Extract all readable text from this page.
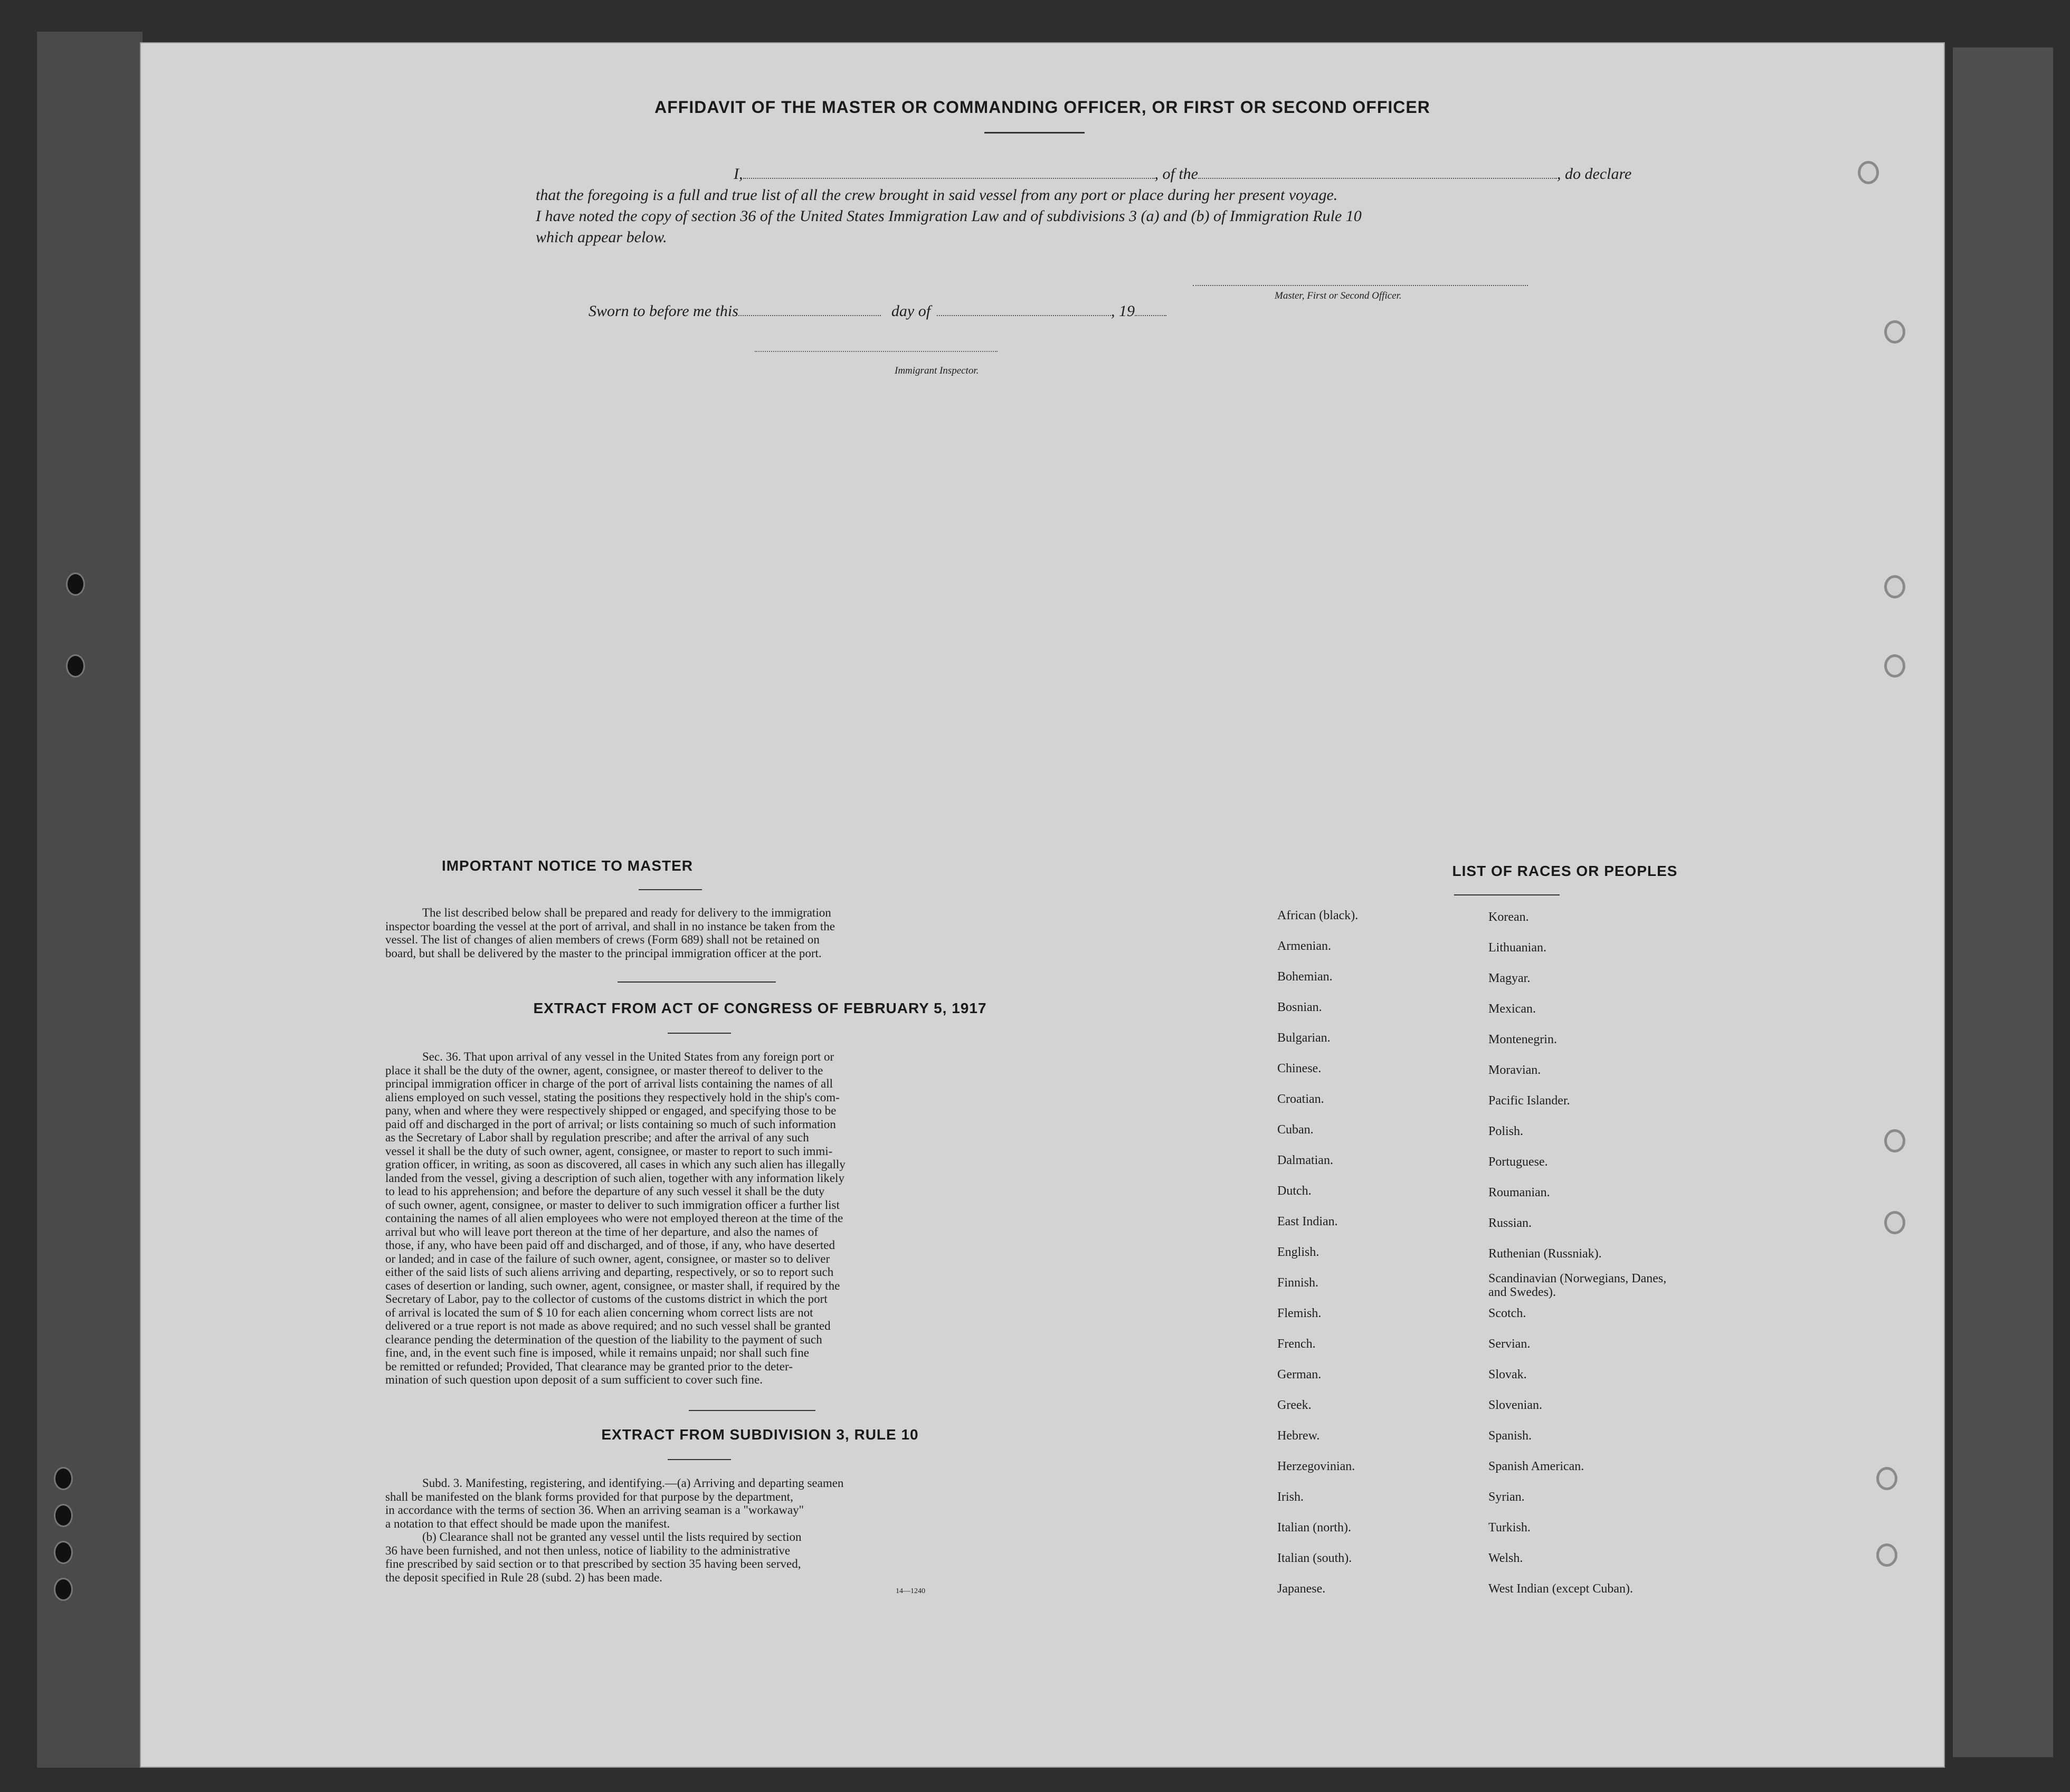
AFFIDAVIT OF THE MASTER OR COMMANDING OFFICER, OR FIRST OR SECOND OFFICER
I,	, of the	, do declare
that the foregoing is a full and true list of all the crew brought in said vessel from any port or place during her present voyage.
I have noted the copy of section 36 of the United States Immigration Law and of subdivisions 3 (a) and (b) of Immigration Rule 10
which appear below.
Master, First or Second Officer.
Sworn to before me this	day of	, 19
Immigrant Inspector.
IMPORTANT NOTICE TO MASTER
The list described below shall be prepared and ready for delivery to the immigration
inspector boarding the vessel at the port of arrival, and shall in no instance be taken from the
vessel. The list of changes of alien members of crews (Form 689) shall not be retained on
board, but shall be delivered by the master to the principal immigration officer at the port.
EXTRACT FROM ACT OF CONGRESS OF FEBRUARY 5, 1917
Sec. 36. That upon arrival of any vessel in the United States from any foreign port or
place it shall be the duty of the owner, agent, consignee, or master thereof to deliver to the
principal immigration officer in charge of the port of arrival lists containing the names of all
aliens employed on such vessel, stating the positions they respectively hold in the ship's com-
pany, when and where they were respectively shipped or engaged, and specifying those to be
paid off and discharged in the port of arrival; or lists containing so much of such information
as the Secretary of Labor shall by regulation prescribe; and after the arrival of any such
vessel it shall be the duty of such owner, agent, consignee, or master to report to such immi-
gration officer, in writing, as soon as discovered, all cases in which any such alien has illegally
landed from the vessel, giving a description of such alien, together with any information likely
to lead to his apprehension; and before the departure of any such vessel it shall be the duty
of such owner, agent, consignee, or master to deliver to such immigration officer a further list
containing the names of all alien employees who were not employed thereon at the time of the
arrival but who will leave port thereon at the time of her departure, and also the names of
those, if any, who have been paid off and discharged, and of those, if any, who have deserted
or landed; and in case of the failure of such owner, agent, consignee, or master so to deliver
either of the said lists of such aliens arriving and departing, respectively, or so to report such
cases of desertion or landing, such owner, agent, consignee, or master shall, if required by the
Secretary of Labor, pay to the collector of customs of the customs district in which the port
of arrival is located the sum of $ 10 for each alien concerning whom correct lists are not
delivered or a true report is not made as above required; and no such vessel shall be granted
clearance pending the determination of the question of the liability to the payment of such
fine, and, in the event such fine is imposed, while it remains unpaid; nor shall such fine
be remitted or refunded; Provided, That clearance may be granted prior to the deter-
mination of such question upon deposit of a sum sufficient to cover such fine.
EXTRACT FROM SUBDIVISION 3, RULE 10
Subd. 3. Manifesting, registering, and identifying.—(a) Arriving and departing seamen
shall be manifested on the blank forms provided for that purpose by the department,
in accordance with the terms of section 36. When an arriving seaman is a "workaway"
a notation to that effect should be made upon the manifest.
(b) Clearance shall not be granted any vessel until the lists required by section
36 have been furnished, and not then unless, notice of liability to the administrative
fine prescribed by said section or to that prescribed by section 35 having been served,
the deposit specified in Rule 28 (subd. 2) has been made.
14—1240
LIST OF RACES OR PEOPLES
African (black).
Armenian.
Bohemian.
Bosnian.
Bulgarian.
Chinese.
Croatian.
Cuban.
Dalmatian.
Dutch.
East Indian.
English.
Finnish.
Flemish.
French.
German.
Greek.
Hebrew.
Herzegovinian.
Irish.
Italian (north).
Italian (south).
Japanese.
Korean.
Lithuanian.
Magyar.
Mexican.
Montenegrin.
Moravian.
Pacific Islander.
Polish.
Portuguese.
Roumanian.
Russian.
Ruthenian (Russniak).
Scandinavian (Norwegians, Danes, and Swedes).
Scotch.
Servian.
Slovak.
Slovenian.
Spanish.
Spanish American.
Syrian.
Turkish.
Welsh.
West Indian (except Cuban).
